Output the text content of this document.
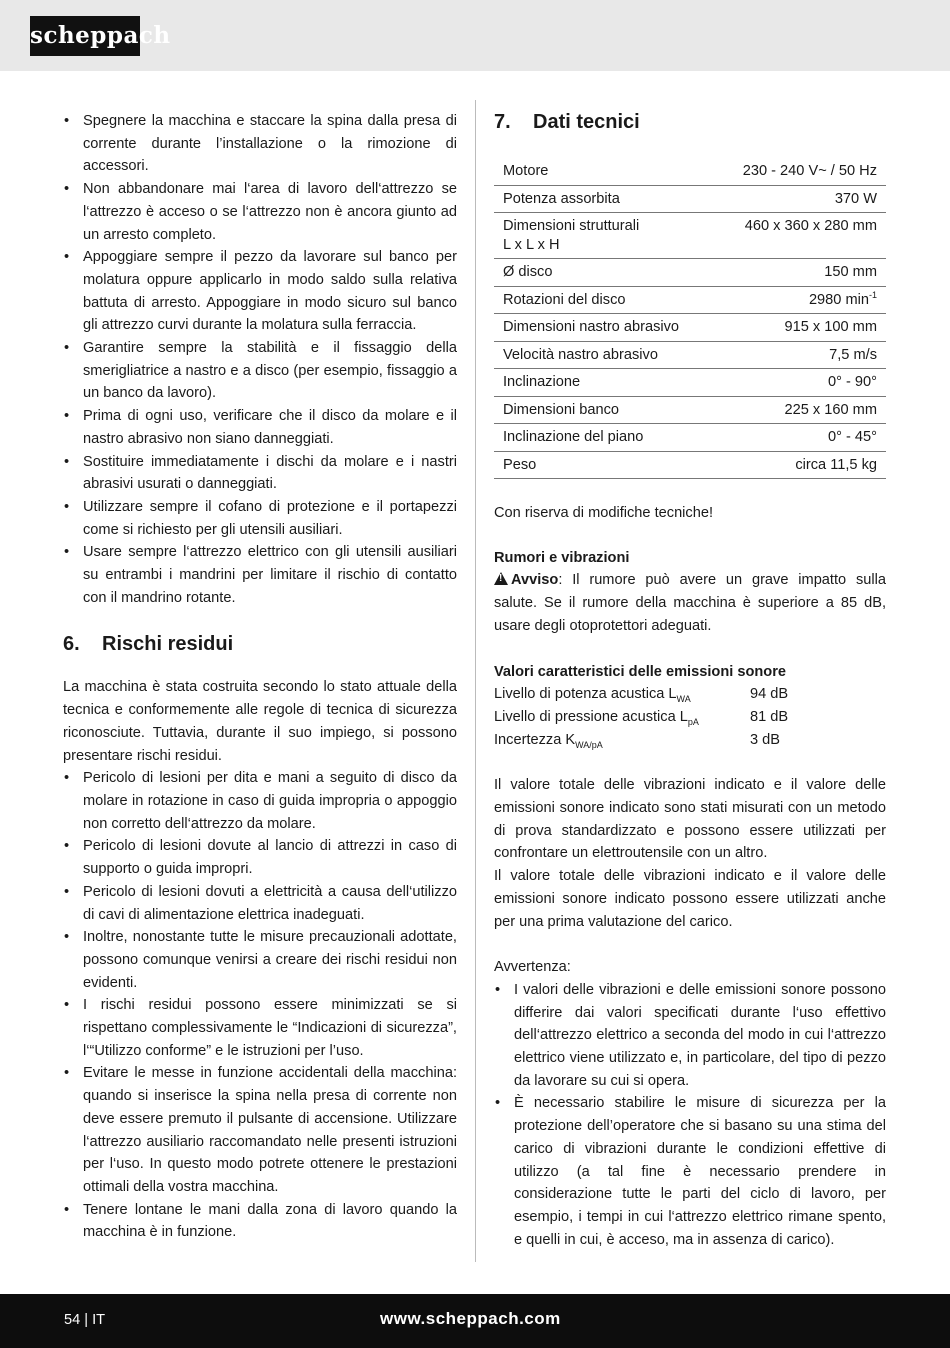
scheppach
• Spegnere la macchina e staccare la spina dalla presa di corrente durante l’installazione o la rimozione di accessori.
• Non abbandonare mai l‘area di lavoro dell‘attrezzo se l‘attrezzo è acceso o se l‘attrezzo non è ancora giunto ad un arresto completo.
• Appoggiare sempre il pezzo da lavorare sul banco per molatura oppure applicarlo in modo saldo sulla relativa battuta di arresto. Appoggiare in modo sicuro sul banco gli attrezzo curvi durante la molatura sulla ferraccia.
• Garantire sempre la stabilità e il fissaggio della smerigliatrice a nastro e a disco (per esempio, fissaggio a un banco da lavoro).
• Prima di ogni uso, verificare che il disco da molare e il nastro abrasivo non siano danneggiati.
• Sostituire immediatamente i dischi da molare e i nastri abrasivi usurati o danneggiati.
• Utilizzare sempre il cofano di protezione e il portapezzi come si richiesto per gli utensili ausiliari.
• Usare sempre l‘attrezzo elettrico con gli utensili ausiliari su entrambi i mandrini per limitare il rischio di contatto con il mandrino rotante.
6.	Rischi residui

La macchina è stata costruita secondo lo stato attuale della tecnica e conformemente alle regole di tecnica di sicurezza riconosciute. Tuttavia, durante il suo impiego, si possono presentare rischi residui.

• Pericolo di lesioni per dita e mani a seguito di disco da molare in rotazione in caso di guida impropria o appoggio non corretto dell‘attrezzo da molare.
• Pericolo di lesioni dovute al lancio di attrezzi in caso di supporto o guida impropri.
• Pericolo di lesioni dovuti a elettricità a causa dell‘utilizzo di cavi di alimentazione elettrica inadeguati.
• Inoltre, nonostante tutte le misure precauzionali adottate, possono comunque venirsi a creare dei rischi residui non evidenti.
• I rischi residui possono essere minimizzati se si rispettano complessivamente le “Indicazioni di sicurezza”, l‘“Utilizzo conforme” e le istruzioni per l’uso.
• Evitare le messe in funzione accidentali della macchina: quando si inserisce la spina nella presa di corrente non deve essere premuto il pulsante di accensione. Utilizzare l‘attrezzo ausiliario raccomandato nelle presenti istruzioni per l‘uso. In questo modo potrete ottenere le prestazioni ottimali della vostra macchina.
• Tenere lontane le mani dalla zona di lavoro quando la macchina è in funzione.
7.	Dati tecnici
Motore	230 - 240 V~ / 50 Hz
Potenza assorbita	370 W
Dimensioni strutturali
L x L x H	460 x 360 x 280 mm
Ø disco	150 mm
Rotazioni del disco	2980 $\min^{-1}$
Dimensioni nastro abrasivo	915 x 100 mm
Velocità nastro abrasivo	7,5 m/s
Inclinazione	0° - 90°
Dimensioni banco	225 x 160 mm
Inclinazione del piano	0° - 45°
Peso	circa 11,5 kg

Con riserva di modifiche tecniche!

Rumori e vibrazioni

!Avviso: Il rumore può avere un grave impatto sulla salute. Se il rumore della macchina è superiore a 85 dB, usare degli otoprotettori adeguati.

Valori caratteristici delle emissioni sonore

Livello di potenza acustica $L_{WA}$	94 dB
Livello di pressione acustica $L_{pA}$	81 dB
Incertezza $K_{WA/pA}$	3 dB

Il valore totale delle vibrazioni indicato e il valore delle emissioni sonore indicato sono stati misurati con un metodo di prova standardizzato e possono essere utilizzati per confrontare un elettroutensile con un altro.

Il valore totale delle vibrazioni indicato e il valore delle emissioni sonore indicato possono essere utilizzati anche per una prima valutazione del carico.

Avvertenza:

• I valori delle vibrazioni e delle emissioni sonore possono differire dai valori specificati durante l‘uso effettivo dell‘attrezzo elettrico a seconda del modo in cui l‘attrezzo elettrico viene utilizzato e, in particolare, del tipo di pezzo da lavorare su cui si opera.
• È necessario stabilire le misure di sicurezza per la protezione dell’operatore che si basano su una stima del carico di vibrazioni durante le condizioni effettive di utilizzo (a tal fine è necessario prendere in considerazione tutte le parti del ciclo di lavoro, per esempio, i tempi in cui l‘attrezzo elettrico rimane spento, e quelli in cui, è acceso, ma in assenza di carico).
54 | IT	www.scheppach.com
